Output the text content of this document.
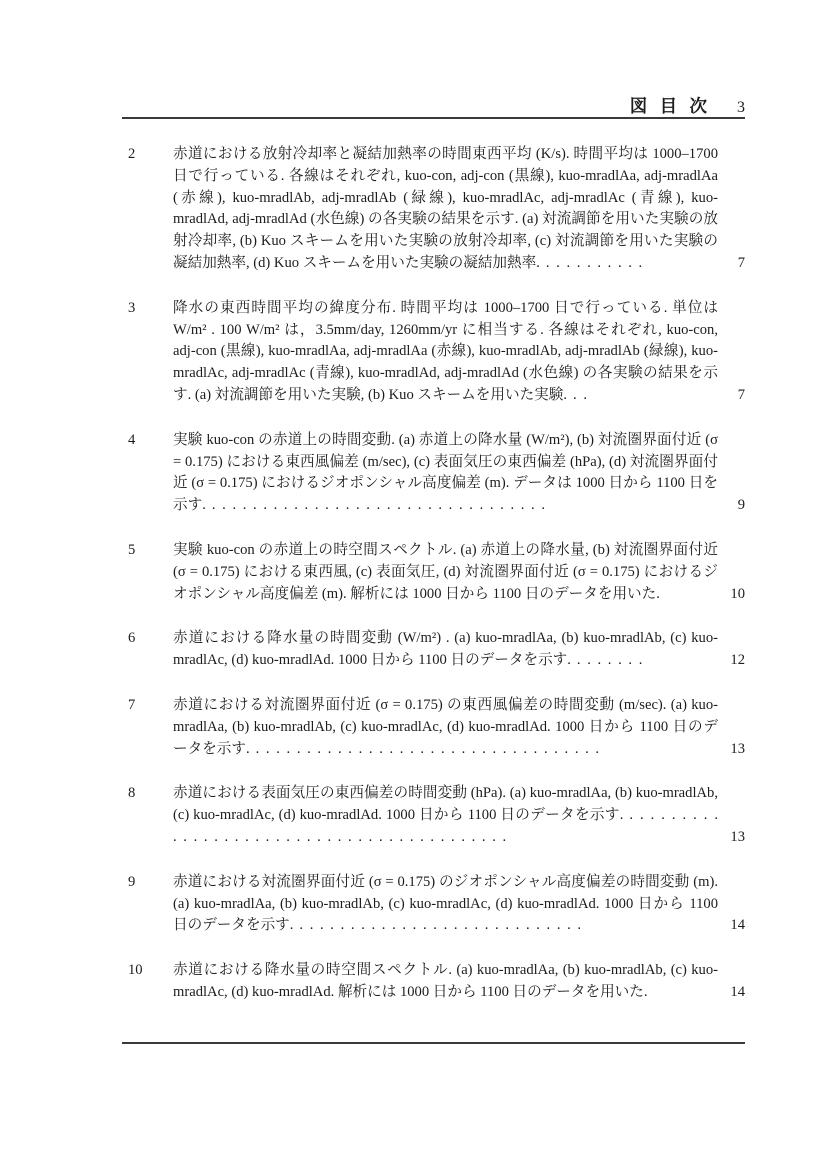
図 目 次 3
2	赤道における放射冷却率と凝結加熱率の時間東西平均 (K/s). 時間平均は 1000–1700 日で行っている. 各線はそれぞれ, kuo-con, adj-con (黒線), kuo-mradlAa, adj-mradlAa (赤線), kuo-mradlAb, adj-mradlAb (緑線), kuo-mradlAc, adj-mradlAc (青線), kuo-mradlAd, adj-mradlAd (水色線) の各実験の結果を示す. (a) 対流調節を用いた実験の放射冷却率, (b) Kuo スキームを用いた実験の放射冷却率, (c) 対流調節を用いた実験の凝結加熱率, (d) Kuo スキームを用いた実験の凝結加熱率. . . . . . . . . . .	7
3	降水の東西時間平均の緯度分布. 時間平均は 1000–1700 日で行っている. 単位は W/m² . 100 W/m² は，3.5mm/day, 1260mm/yr に相当する. 各線はそれぞれ, kuo-con, adj-con (黒線), kuo-mradlAa, adj-mradlAa (赤線), kuo-mradlAb, adj-mradlAb (緑線), kuo-mradlAc, adj-mradlAc (青線), kuo-mradlAd, adj-mradlAd (水色線) の各実験の結果を示す. (a) 対流調節を用いた実験, (b) Kuo スキームを用いた実験. . .	7
4	実験 kuo-con の赤道上の時間変動. (a) 赤道上の降水量 (W/m²), (b) 対流圏界面付近 (σ = 0.175) における東西風偏差 (m/sec), (c) 表面気圧の東西偏差 (hPa), (d) 対流圏界面付近 (σ = 0.175) におけるジオポンシャル高度偏差 (m). データは 1000 日から 1100 日を示す. . . . . . . . . . . . . . . . . . . . . . . . . . . . . . . . . .	9
5	実験 kuo-con の赤道上の時空間スペクトル. (a) 赤道上の降水量, (b) 対流圏界面付近 (σ = 0.175) における東西風, (c) 表面気圧, (d) 対流圏界面付近 (σ = 0.175) におけるジオポンシャル高度偏差 (m). 解析には 1000 日から 1100 日のデータを用いた.	10
6	赤道における降水量の時間変動 (W/m²) . (a) kuo-mradlAa, (b) kuo-mradlAb, (c) kuo-mradlAc, (d) kuo-mradlAd. 1000 日から 1100 日のデータを示す. . . . . . . .	12
7	赤道における対流圏界面付近 (σ = 0.175) の東西風偏差の時間変動 (m/sec). (a) kuo-mradlAa, (b) kuo-mradlAb, (c) kuo-mradlAc, (d) kuo-mradlAd. 1000 日から 1100 日のデータを示す. . . . . . . . . . . . . . . . . . . . . . . . . . . . . . . . . . .	13
8	赤道における表面気圧の東西偏差の時間変動 (hPa). (a) kuo-mradlAa, (b) kuo-mradlAb, (c) kuo-mradlAc, (d) kuo-mradlAd. 1000 日から 1100 日のデータを示す. . . . . . . . . . . . . . . . . . . . . . . . . . . . . . . . . . . . . . . . . . .	13
9	赤道における対流圏界面付近 (σ = 0.175) のジオポンシャル高度偏差の時間変動 (m). (a) kuo-mradlAa, (b) kuo-mradlAb, (c) kuo-mradlAc, (d) kuo-mradlAd. 1000 日から 1100 日のデータを示す. . . . . . . . . . . . . . . . . . . . . . . . . . . . .	14
10	赤道における降水量の時空間スペクトル. (a) kuo-mradlAa, (b) kuo-mradlAb, (c) kuo-mradlAc, (d) kuo-mradlAd. 解析には 1000 日から 1100 日のデータを用いた.	14
